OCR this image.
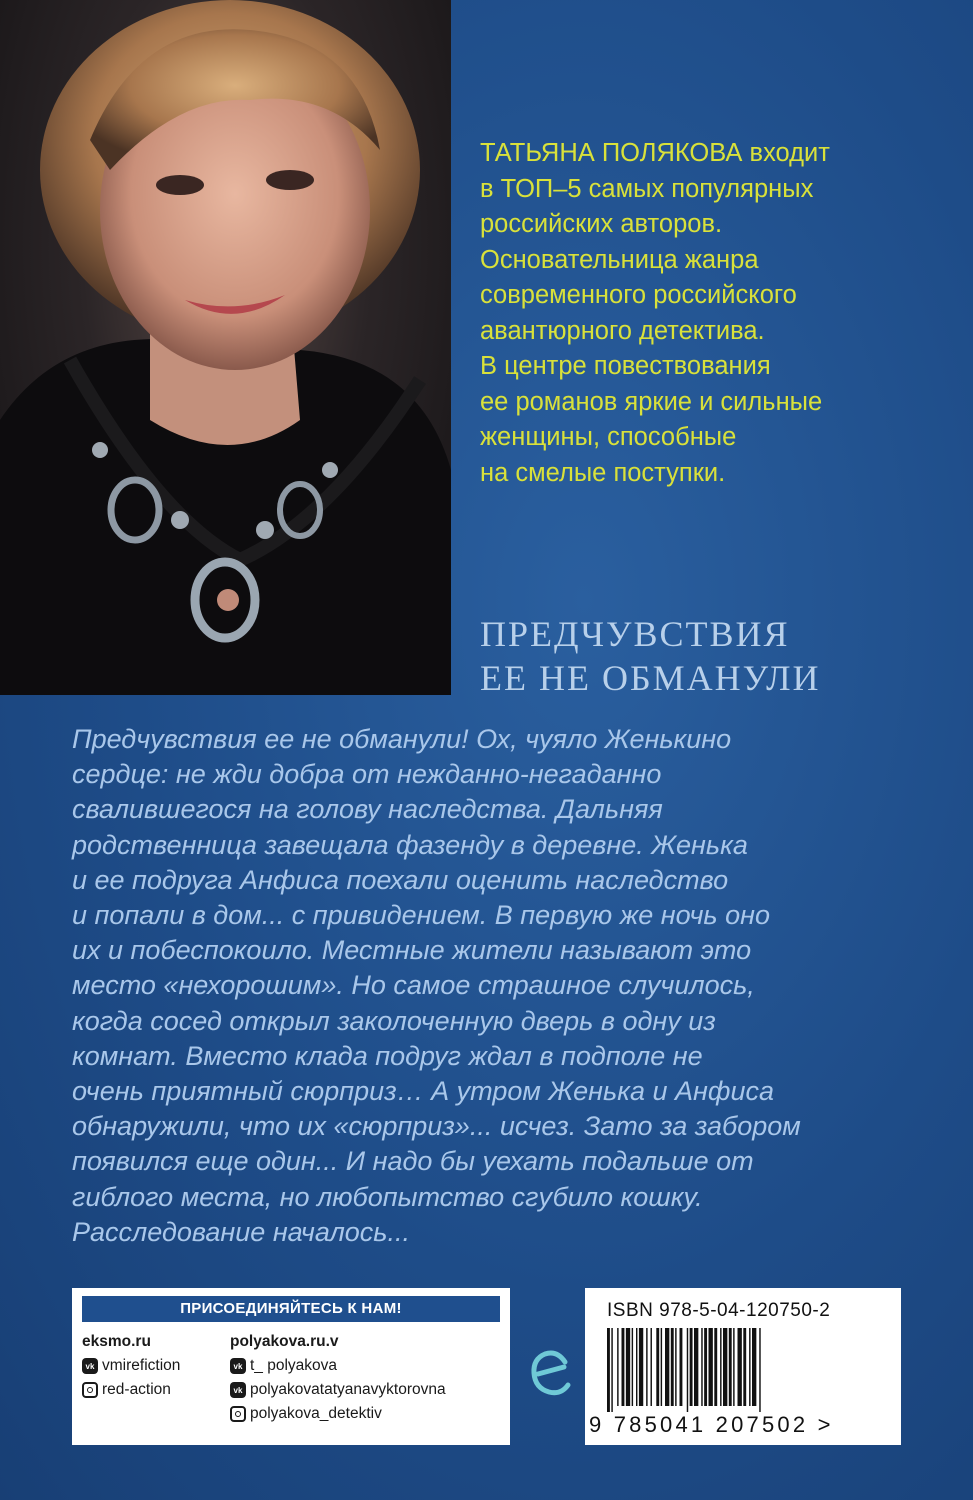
ТАТЬЯНА ПОЛЯКОВА входит
в ТОП–5 самых популярных
российских авторов.
Основательница жанра
современного российского
авантюрного детектива.
В центре повествования
ее романов яркие и сильные
женщины, способные
на смелые поступки.
ПРЕДЧУВСТВИЯ
ЕЕ НЕ ОБМАНУЛИ
Предчувствия ее не обманули! Ох, чуяло Женькино
сердце: не жди добра от нежданно-негаданно
свалившегося на голову наследства. Дальняя
родственница завещала фазенду в деревне. Женька
и ее подруга Анфиса поехали оценить наследство
и попали в дом... с привидением. В первую же ночь оно
их и побеспокоило. Местные жители называют это
место «нехорошим». Но самое страшное случилось,
когда сосед открыл заколоченную дверь в одну из
комнат. Вместо клада подруг ждал в подполе не
очень приятный сюрприз… А утром Женька и Анфиса
обнаружили, что их «сюрприз»... исчез. Зато за забором
появился еще один... И надо бы уехать подальше от
гиблого места, но любопытство сгубило кошку.
Расследование началось...
ПРИСОЕДИНЯЙТЕСЬ К НАМ!
eksmo.ru
vk vmirefiction
red-action
polyakova.ru.v
vk t_ polyakova
vk polyakovatatyanavyktorovna
polyakova_detektiv
ISBN 978-5-04-120750-2
9 785041 207502 >
